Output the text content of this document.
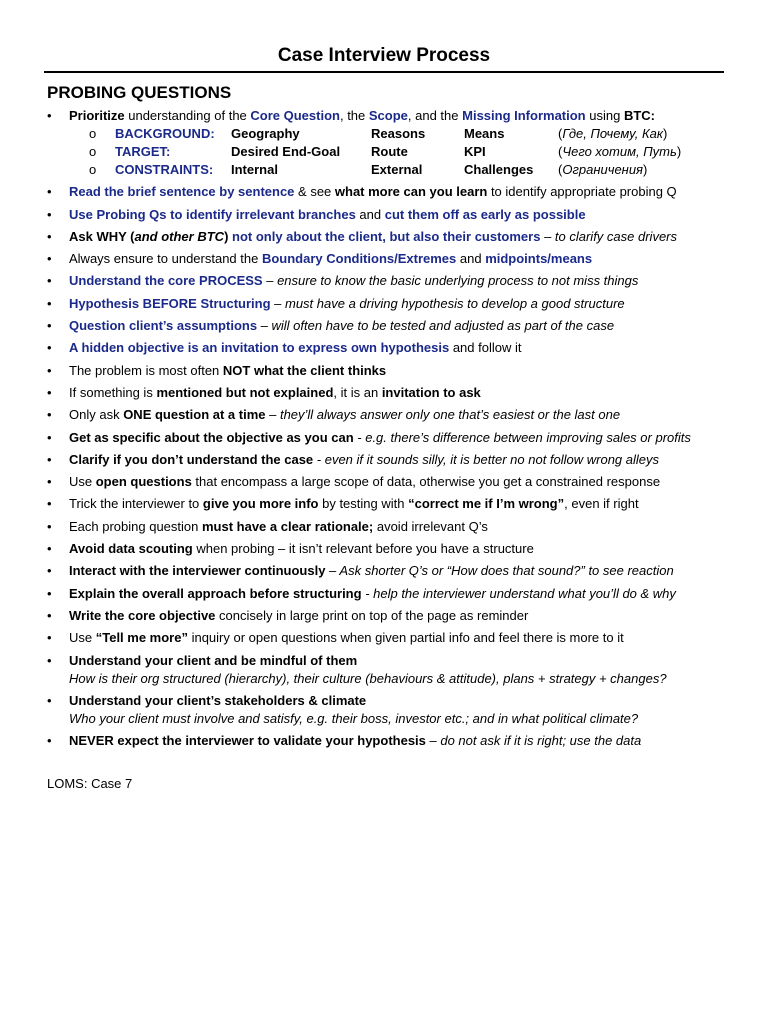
Case Interview Process
PROBING QUESTIONS
• Prioritize understanding of the Core Question, the Scope, and the Missing Information using BTC:
o	BACKGROUND:	Geography	Reasons	Means	(Где, Почему, Как)
o	TARGET:	Desired End-Goal	Route	KPI	(Чего хотим, Путь)
o	CONSTRAINTS:	Internal	External	Challenges	(Ограничения)
• Read the brief sentence by sentence & see what more can you learn to identify appropriate probing Q
• Use Probing Qs to identify irrelevant branches and cut them off as early as possible
• Ask WHY (and other BTC) not only about the client, but also their customers – to clarify case drivers
• Always ensure to understand the Boundary Conditions/Extremes and midpoints/means
• Understand the core PROCESS – ensure to know the basic underlying process to not miss things
• Hypothesis BEFORE Structuring – must have a driving hypothesis to develop a good structure
• Question client’s assumptions – will often have to be tested and adjusted as part of the case
• A hidden objective is an invitation to express own hypothesis and follow it
• The problem is most often NOT what the client thinks
• If something is mentioned but not explained, it is an invitation to ask
• Only ask ONE question at a time – they’ll always answer only one that’s easiest or the last one
• Get as specific about the objective as you can - e.g. there’s difference between improving sales or profits
• Clarify if you don’t understand the case - even if it sounds silly, it is better no not follow wrong alleys
• Use open questions that encompass a large scope of data, otherwise you get a constrained response
• Trick the interviewer to give you more info by testing with “correct me if I’m wrong”, even if right
• Each probing question must have a clear rationale; avoid irrelevant Q’s
• Avoid data scouting when probing – it isn’t relevant before you have a structure
• Interact with the interviewer continuously – Ask shorter Q’s or “How does that sound?” to see reaction
• Explain the overall approach before structuring - help the interviewer understand what you’ll do & why
• Write the core objective concisely in large print on top of the page as reminder
• Use “Tell me more” inquiry or open questions when given partial info and feel there is more to it
• Understand your client and be mindful of them
How is their org structured (hierarchy), their culture (behaviours & attitude), plans + strategy + changes?
• Understand your client’s stakeholders & climate
Who your client must involve and satisfy, e.g. their boss, investor etc.; and in what political climate?
• NEVER expect the interviewer to validate your hypothesis – do not ask if it is right; use the data
LOMS: Case 7
